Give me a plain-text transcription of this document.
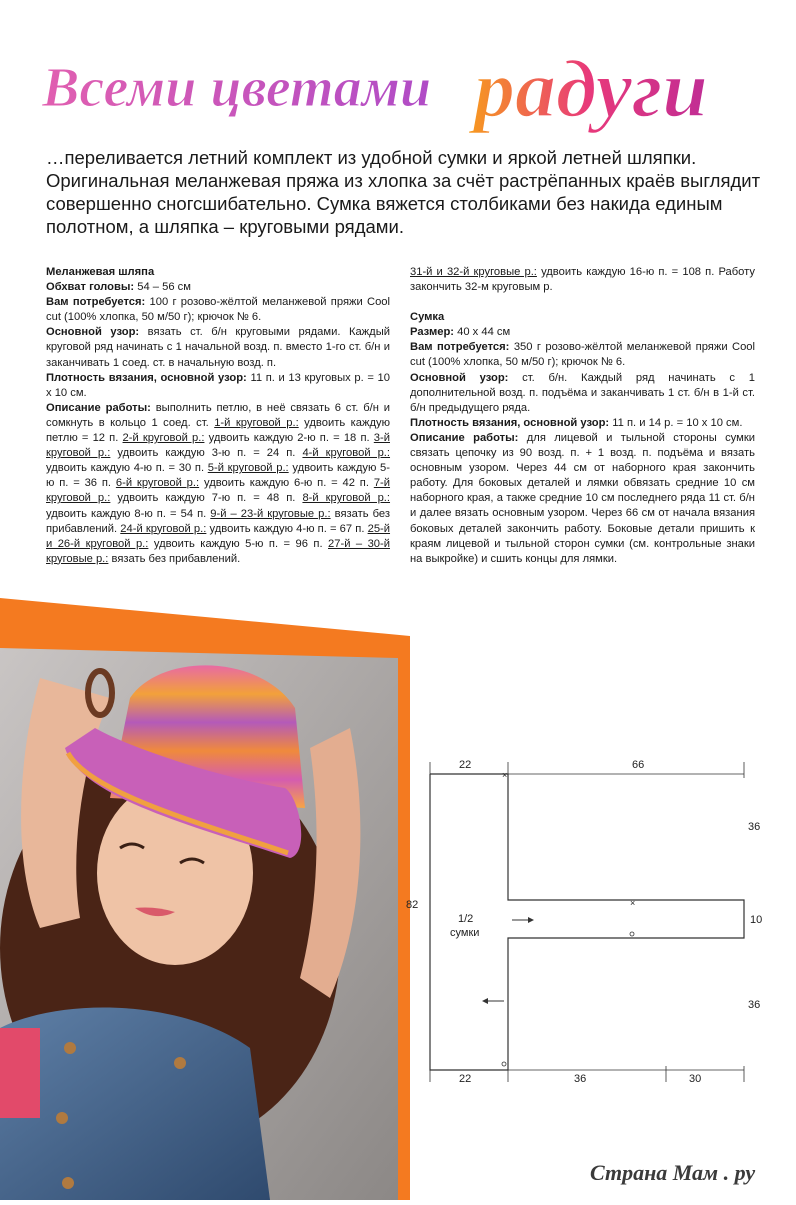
Всеми цветами радуги
…переливается летний комплект из удобной сумки и яркой летней шляпки. Оригинальная меланжевая пряжа из хлопка за счёт растрёпанных краёв выглядит совершенно сногсшибательно. Сумка вяжется столбиками без накида единым полотном, а шляпка – круговыми рядами.

Меланжевая шляпа

Обхват головы: 54 – 56 см

Вам потребуется: 100 г розово-жёлтой меланжевой пряжи Cool cut (100% хлопка, 50 м/50 г); крючок № 6.

Основной узор: вязать ст. б/н круговыми рядами. Каждый круговой ряд начинать с 1 начальной возд. п. вместо 1-го ст. б/н и заканчивать 1 соед. ст. в начальную возд. п.

Плотность вязания, основной узор: 11 п. и 13 круговых р. = 10 х 10 см.

Описание работы: выполнить петлю, в неё связать 6 ст. б/н и сомкнуть в кольцо 1 соед. ст. 1-й круговой р.: удвоить каждую петлю = 12 п. 2-й круговой р.: удвоить каждую 2-ю п. = 18 п. 3-й круговой р.: удвоить каждую 3-ю п. = 24 п. 4-й круговой р.: удвоить каждую 4-ю п. = 30 п. 5-й круговой р.: удвоить каждую 5-ю п. = 36 п. 6-й круговой р.: удвоить каждую 6-ю п. = 42 п. 7-й круговой р.: удвоить каждую 7-ю п. = 48 п. 8-й круговой р.: удвоить каждую 8-ю п. = 54 п. 9-й – 23-й круговые р.: вязать без прибавлений. 24-й круговой р.: удвоить каждую 4-ю п. = 67 п. 25-й и 26-й круговой р.: удвоить каждую 5-ю п. = 96 п. 27-й – 30-й круговые р.: вязать без прибавлений.

31-й и 32-й круговые р.: удвоить каждую 16-ю п. = 108 п. Работу закончить 32-м круговым р.

Сумка

Размер: 40 х 44 см

Вам потребуется: 350 г розово-жёлтой меланжевой пряжи Cool cut (100% хлопка, 50 м/50 г); крючок № 6.

Основной узор: ст. б/н. Каждый ряд начинать с 1 дополнительной возд. п. подъёма и заканчивать 1 ст. б/н в 1-й ст. б/н предыдущего ряда.

Плотность вязания, основной узор: 11 п. и 14 р. = 10 х 10 см.

Описание работы: для лицевой и тыльной стороны сумки связать цепочку из 90 возд. п. + 1 возд. п. подъёма и вязать основным узором. Через 44 см от наборного края закончить работу. Для боковых деталей и лямки обвязать средние 10 см наборного края, а также средние 10 см последнего ряда 11 ст. б/н и далее вязать основным узором. Через 66 см от начала вязания боковых деталей закончить работу. Боковые детали пришить к краям лицевой и тыльной сторон сумки (см. контрольные знаки на выкройке) и сшить концы для лямки.

×
×
22	66
36
82
1/2
сумки
10
36
22	36	30
Страна Мам . ру
